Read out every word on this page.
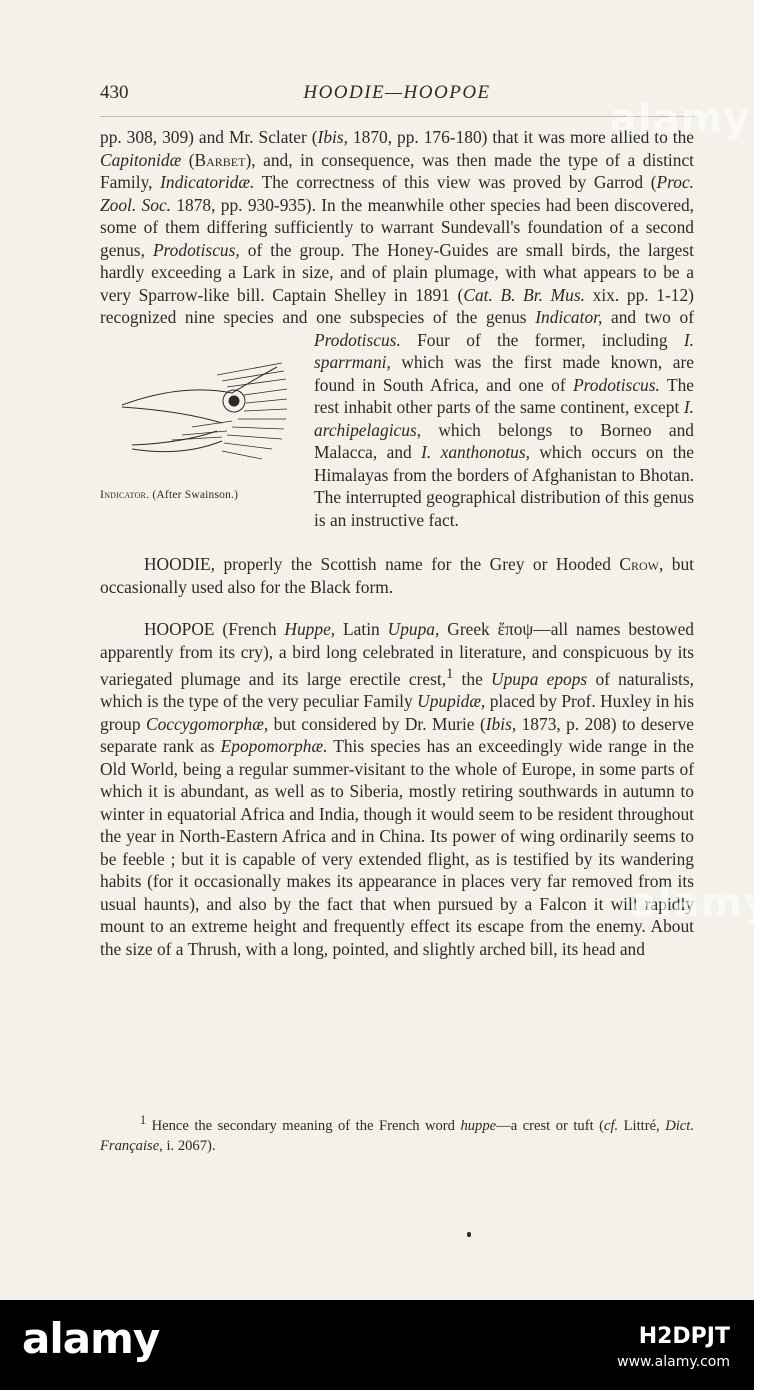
430	HOODIE—HOOPOE

pp. 308, 309) and Mr. Sclater (Ibis, 1870, pp. 176-180) that it was more allied to the Capitonidæ (Barbet), and, in consequence, was then made the type of a distinct Family, Indicatoridæ. The correctness of this view was proved by Garrod (Proc. Zool. Soc. 1878, pp. 930-935). In the meanwhile other species had been discovered, some of them differing sufficiently to warrant Sundevall's foundation of a second genus, Prodotiscus, of the group. The Honey-Guides are small birds, the largest hardly exceeding a Lark in size, and of plain plumage, with what appears to be a very Sparrow-like bill. Captain Shelley in 1891 (Cat. B. Br. Mus. xix. pp. 1-12) recognized nine species and one subspecies of the genus
Indicator. (After Swainson.)
Indicator, and two of Prodotiscus. Four of the former, including I. sparrmani, which was the first made known, are found in South Africa, and one of Prodotiscus. The rest inhabit other parts of the same continent, except I. archipelagicus, which belongs to Borneo and Malacca, and I. xanthonotus, which occurs on the Himalayas from the borders of Afghanistan to Bhotan. The interrupted geographical distribution of this genus is an instructive fact.

HOODIE, properly the Scottish name for the Grey or Hooded Crow, but occasionally used also for the Black form.

HOOPOE (French Huppe, Latin Upupa, Greek ἔποψ—all names bestowed apparently from its cry), a bird long celebrated in literature, and conspicuous by its variegated plumage and its large erectile crest,$^1$ the Upupa epops of naturalists, which is the type of the very peculiar Family Upupidæ, placed by Prof. Huxley in his group Coccygomorphæ, but considered by Dr. Murie (Ibis, 1873, p. 208) to deserve separate rank as Epopomorphæ. This species has an exceedingly wide range in the Old World, being a regular summer-visitant to the whole of Europe, in some parts of which it is abundant, as well as to Siberia, mostly retiring southwards in autumn to winter in equatorial Africa and India, though it would seem to be resident throughout the year in North-Eastern Africa and in China. Its power of wing ordinarily seems to be feeble ; but it is capable of very extended flight, as is testified by its wandering habits (for it occasionally makes its appearance in places very far removed from its usual haunts), and also by the fact that when pursued by a Falcon it will rapidly mount to an extreme height and frequently effect its escape from the enemy. About the size of a Thrush, with a long, pointed, and slightly arched bill, its head and

$^1$ Hence the secondary meaning of the French word huppe—a crest or tuft (cf. Littré, Dict. Française, i. 2067).

alamy
alamy
alamy	H2DPJT
www.alamy.com
